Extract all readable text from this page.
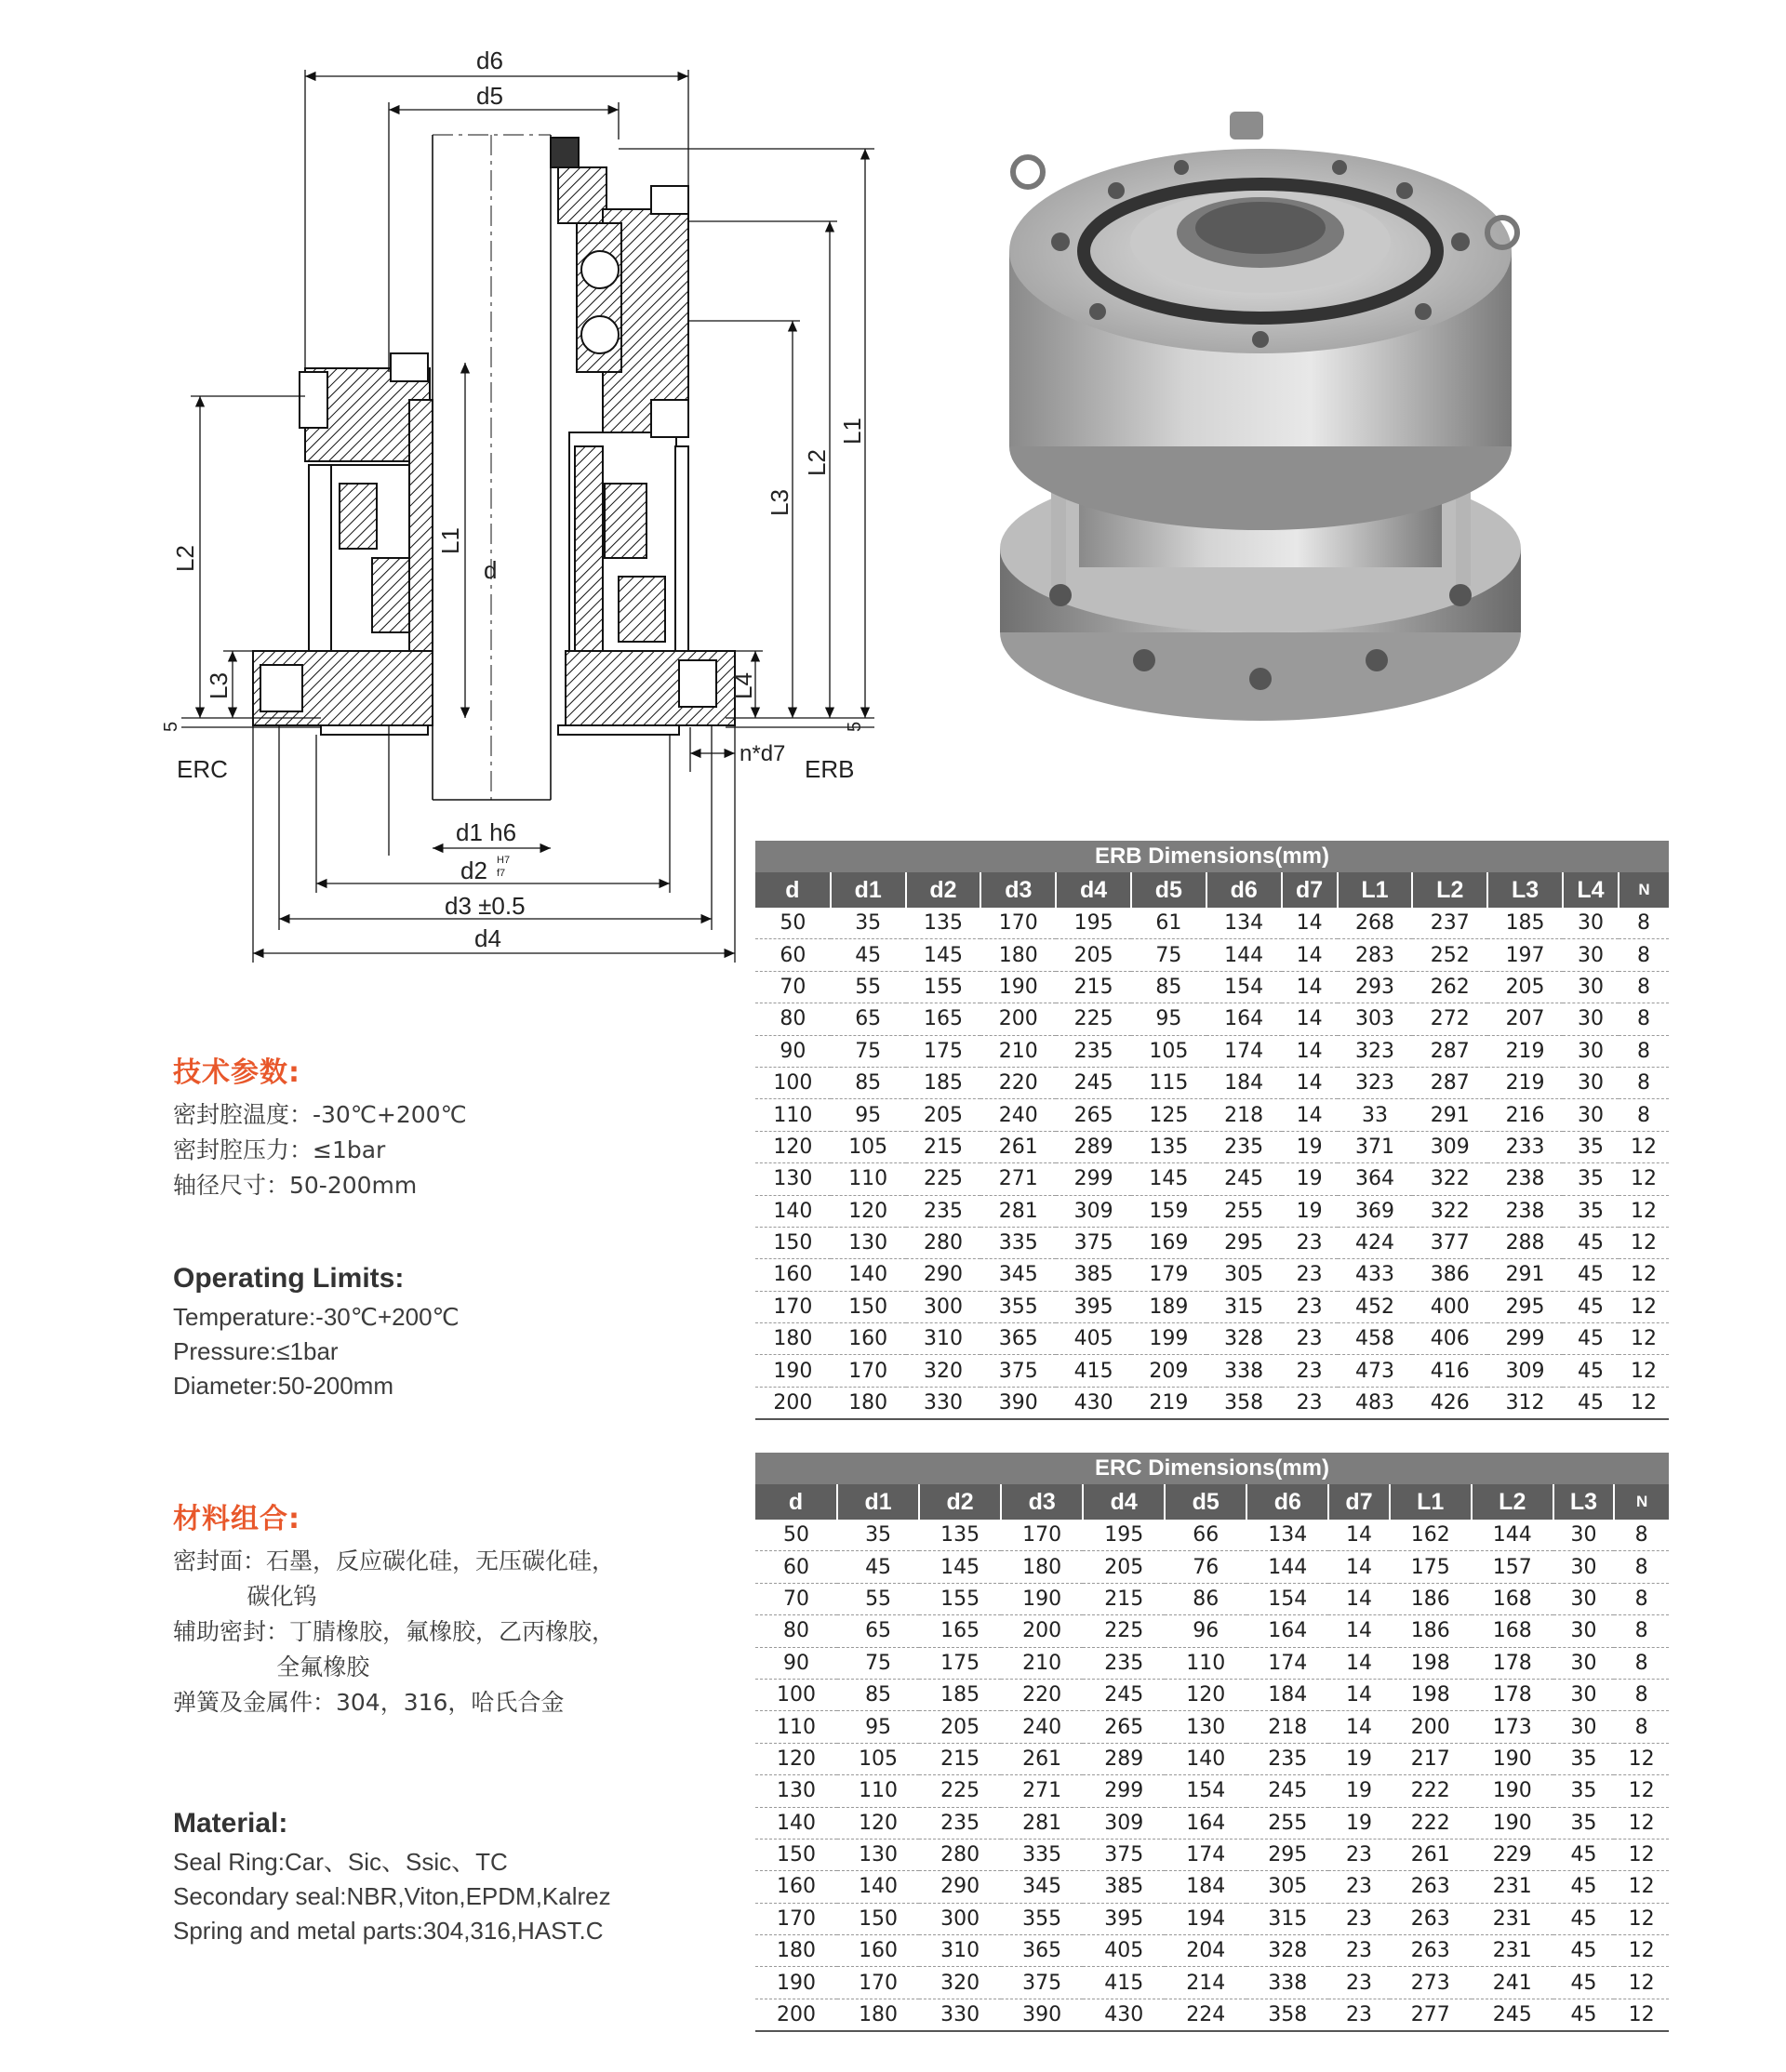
d6
d5
L1
L2
L3
L4
L2
L3
L1
d
5	5
ERC	ERB
n*d7
d1 h6
d2 H7
f7
d3 ±0.5
d4
技术参数:
密封腔温度：-30℃+200℃
密封腔压力：≤1bar
轴径尺寸：50-200mm
Operating Limits:
Temperature:-30℃+200℃
Pressure:≤1bar
Diameter:50-200mm
材料组合:
密封面：石墨，反应碳化硅，无压碳化硅，
碳化钨
辅助密封：丁腈橡胶，氟橡胶，乙丙橡胶，
全氟橡胶
弹簧及金属件：304，316，哈氏合金
Material:
Seal Ring:Car、Sic、Ssic、TC
Secondary seal:NBR,Viton,EPDM,Kalrez
Spring and metal parts:304,316,HAST.C
ERB Dimensions(mm)												
d	d1	d2	d3	d4	d5	d6	d7	L1	L2	L3	L4	N
50	35	135	170	195	61	134	14	268	237	185	30	8
60	45	145	180	205	75	144	14	283	252	197	30	8
70	55	155	190	215	85	154	14	293	262	205	30	8
80	65	165	200	225	95	164	14	303	272	207	30	8
90	75	175	210	235	105	174	14	323	287	219	30	8
100	85	185	220	245	115	184	14	323	287	219	30	8
110	95	205	240	265	125	218	14	33	291	216	30	8
120	105	215	261	289	135	235	19	371	309	233	35	12
130	110	225	271	299	145	245	19	364	322	238	35	12
140	120	235	281	309	159	255	19	369	322	238	35	12
150	130	280	335	375	169	295	23	424	377	288	45	12
160	140	290	345	385	179	305	23	433	386	291	45	12
170	150	300	355	395	189	315	23	452	400	295	45	12
180	160	310	365	405	199	328	23	458	406	299	45	12
190	170	320	375	415	209	338	23	473	416	309	45	12
200	180	330	390	430	219	358	23	483	426	312	45	12
ERC Dimensions(mm)											
d	d1	d2	d3	d4	d5	d6	d7	L1	L2	L3	N
50	35	135	170	195	66	134	14	162	144	30	8
60	45	145	180	205	76	144	14	175	157	30	8
70	55	155	190	215	86	154	14	186	168	30	8
80	65	165	200	225	96	164	14	186	168	30	8
90	75	175	210	235	110	174	14	198	178	30	8
100	85	185	220	245	120	184	14	198	178	30	8
110	95	205	240	265	130	218	14	200	173	30	8
120	105	215	261	289	140	235	19	217	190	35	12
130	110	225	271	299	154	245	19	222	190	35	12
140	120	235	281	309	164	255	19	222	190	35	12
150	130	280	335	375	174	295	23	261	229	45	12
160	140	290	345	385	184	305	23	263	231	45	12
170	150	300	355	395	194	315	23	263	231	45	12
180	160	310	365	405	204	328	23	263	231	45	12
190	170	320	375	415	214	338	23	273	241	45	12
200	180	330	390	430	224	358	23	277	245	45	12
